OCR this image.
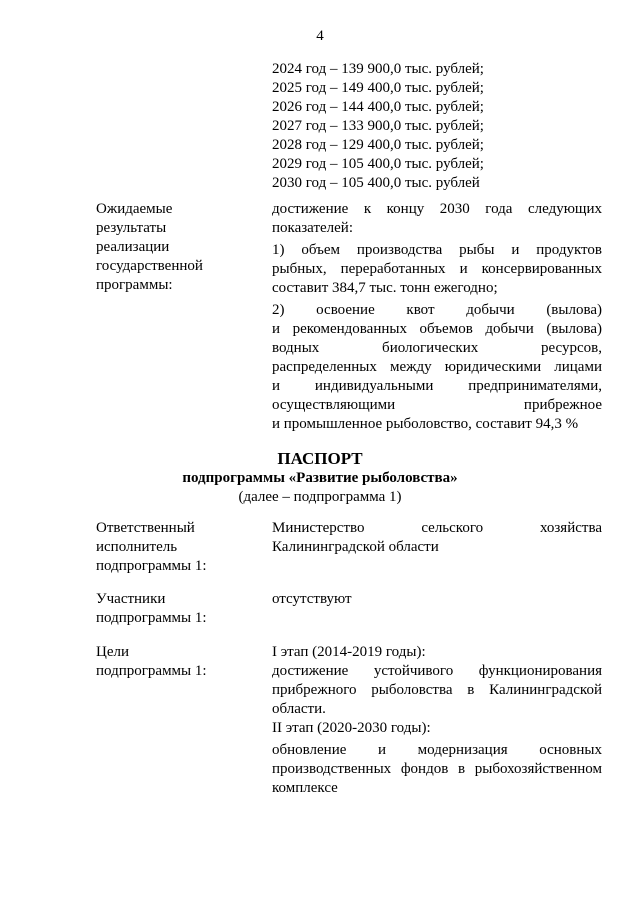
4
2024 год – 139 900,0 тыс. рублей;
2025 год – 149 400,0 тыс. рублей;
2026 год – 144 400,0 тыс. рублей;
2027 год – 133 900,0 тыс. рублей;
2028 год – 129 400,0 тыс. рублей;
2029 год – 105 400,0 тыс. рублей;
2030 год – 105 400,0 тыс. рублей
Ожидаемые
результаты
реализации
государственной
программы:
достижение к концу 2030 года следующих
показателей:
1) объем производства рыбы и продуктов
рыбных, переработанных и консервированных
составит 384,7 тыс. тонн ежегодно;
2) освоение квот добычи (вылова)
и рекомендованных объемов добычи (вылова)
водных биологических ресурсов,
распределенных между юридическими лицами
и индивидуальными предпринимателями,
осуществляющими прибрежное
и промышленное рыболовство, составит 94,3 %
ПАСПОРТ
подпрограммы «Развитие рыболовства»
(далее – подпрограмма 1)
Ответственный
исполнитель
подпрограммы 1:
Министерство сельского хозяйства
Калининградской области
Участники
подпрограммы 1:
отсутствуют
Цели
подпрограммы 1:
I этап (2014-2019 годы):
достижение устойчивого функционирования
прибрежного рыболовства в Калининградской
области.
II этап (2020-2030 годы):
обновление и модернизация основных
производственных фондов в рыбохозяйственном
комплексе
